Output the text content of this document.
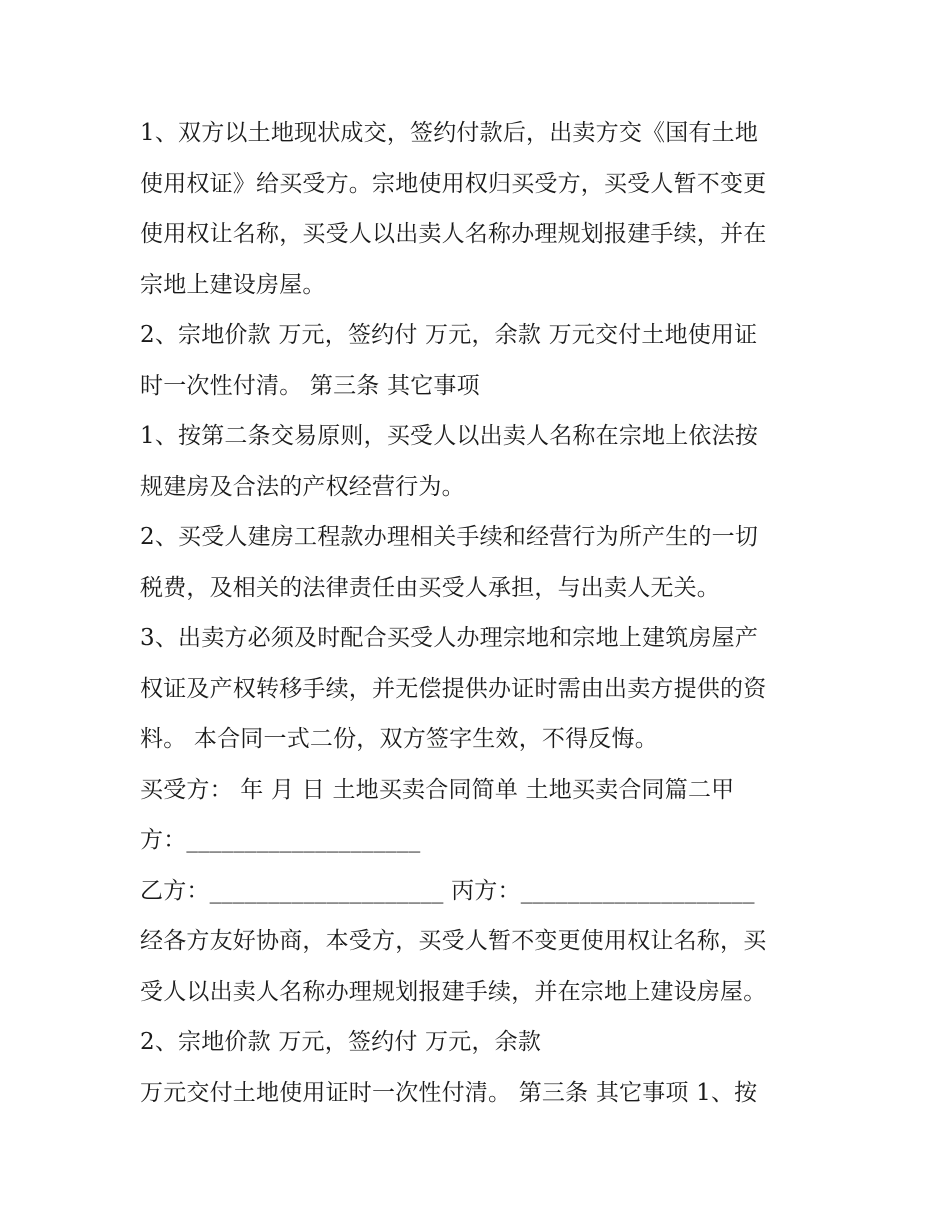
1、双方以土地现状成交，签约付款后，出卖方交《国有土地
使用权证》给买受方。宗地使用权归买受方，买受人暂不变更
使用权让名称，买受人以出卖人名称办理规划报建手续，并在
宗地上建设房屋。
2、宗地价款 万元，签约付 万元，余款 万元交付土地使用证
时一次性付清。 第三条 其它事项
1、按第二条交易原则，买受人以出卖人名称在宗地上依法按
规建房及合法的产权经营行为。
2、买受人建房工程款办理相关手续和经营行为所产生的一切
税费，及相关的法律责任由买受人承担，与出卖人无关。
3、出卖方必须及时配合买受人办理宗地和宗地上建筑房屋产
权证及产权转移手续，并无偿提供办证时需由出卖方提供的资
料。 本合同一式二份，双方签字生效，不得反悔。
买受方： 年 月 日 土地买卖合同简单 土地买卖合同篇二甲
方：____________________
乙方：____________________ 丙方：____________________
经各方友好协商，本受方，买受人暂不变更使用权让名称，买
受人以出卖人名称办理规划报建手续，并在宗地上建设房屋。
2、宗地价款 万元，签约付 万元，余款
万元交付土地使用证时一次性付清。 第三条 其它事项 1、按
